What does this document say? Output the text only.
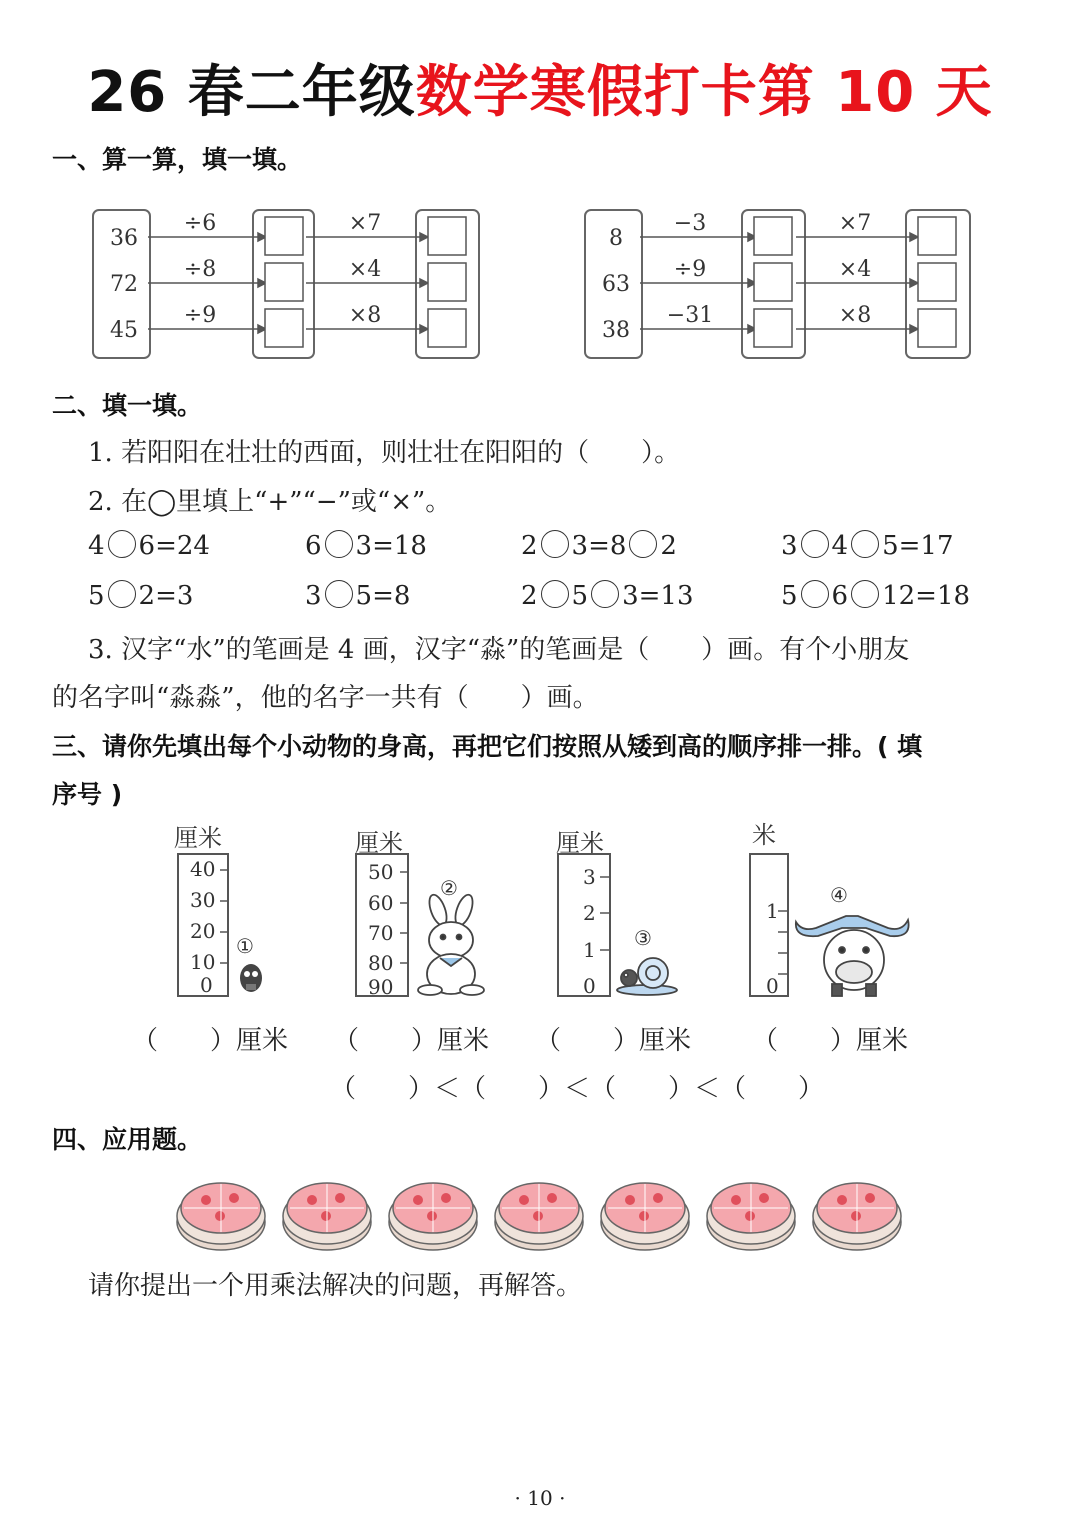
26 春二年级数学寒假打卡第 10 天
一、算一算，填一填。
36
72
45
÷6
÷8
÷9
×7
×4
×8
8
63
38
−3
÷9
−31
×7
×4
×8
二、填一填。
1. 若阳阳在壮壮的西面，则壮壮在阳阳的（　　）。
2. 在◯里填上“+”“−”或“×”。
4 6=24	6 3=18	2 3=8 2	3 4 5=17
5 2=3	3 5=8	2 5 3=13	5 6 12=18
3. 汉字“水”的笔画是 4 画，汉字“淼”的笔画是（　　）画。有个小朋友
的名字叫“淼淼”，他的名字一共有（　　）画。
三、请你先填出每个小动物的身高，再把它们按照从矮到高的顺序排一排。( 填
序号 )
厘米
40
30
20
10
0
①
厘米
50
60
70
80
90
②
厘米
3
2
1
0
③
米
1
0
④
（　　）厘米 （　　）厘米 （　　）厘米 （　　）厘米
（　　）＜（　　）＜（　　）＜（　　）
四、应用题。
请你提出一个用乘法解决的问题，再解答。
· 10 ·
